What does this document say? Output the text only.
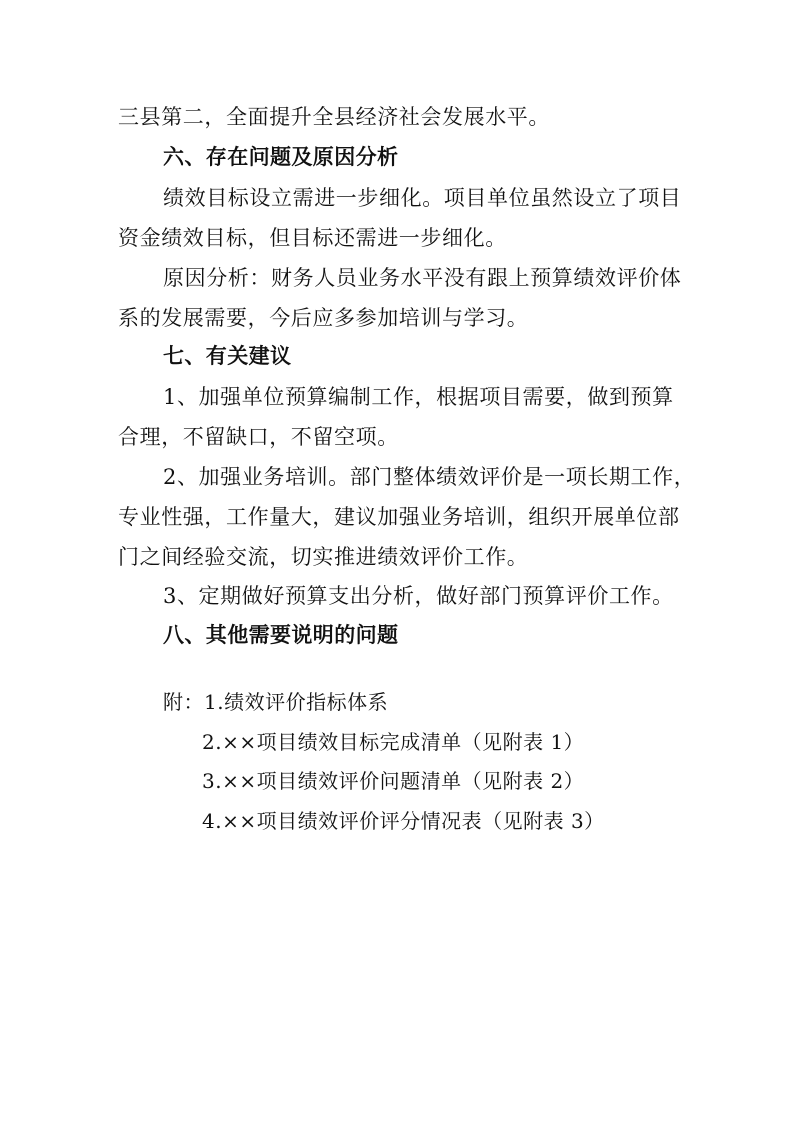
三县第二，全面提升全县经济社会发展水平。
六、存在问题及原因分析
绩效目标设立需进一步细化。项目单位虽然设立了项目
资金绩效目标，但目标还需进一步细化。
原因分析：财务人员业务水平没有跟上预算绩效评价体
系的发展需要，今后应多参加培训与学习。
七、有关建议
1、加强单位预算编制工作，根据项目需要，做到预算
合理，不留缺口，不留空项。
2、加强业务培训。部门整体绩效评价是一项长期工作，
专业性强，工作量大，建议加强业务培训，组织开展单位部
门之间经验交流，切实推进绩效评价工作。
3、定期做好预算支出分析，做好部门预算评价工作。
八、其他需要说明的问题
附：1.绩效评价指标体系
2.××项目绩效目标完成清单（见附表 1）
3.××项目绩效评价问题清单（见附表 2）
4.××项目绩效评价评分情况表（见附表 3）
